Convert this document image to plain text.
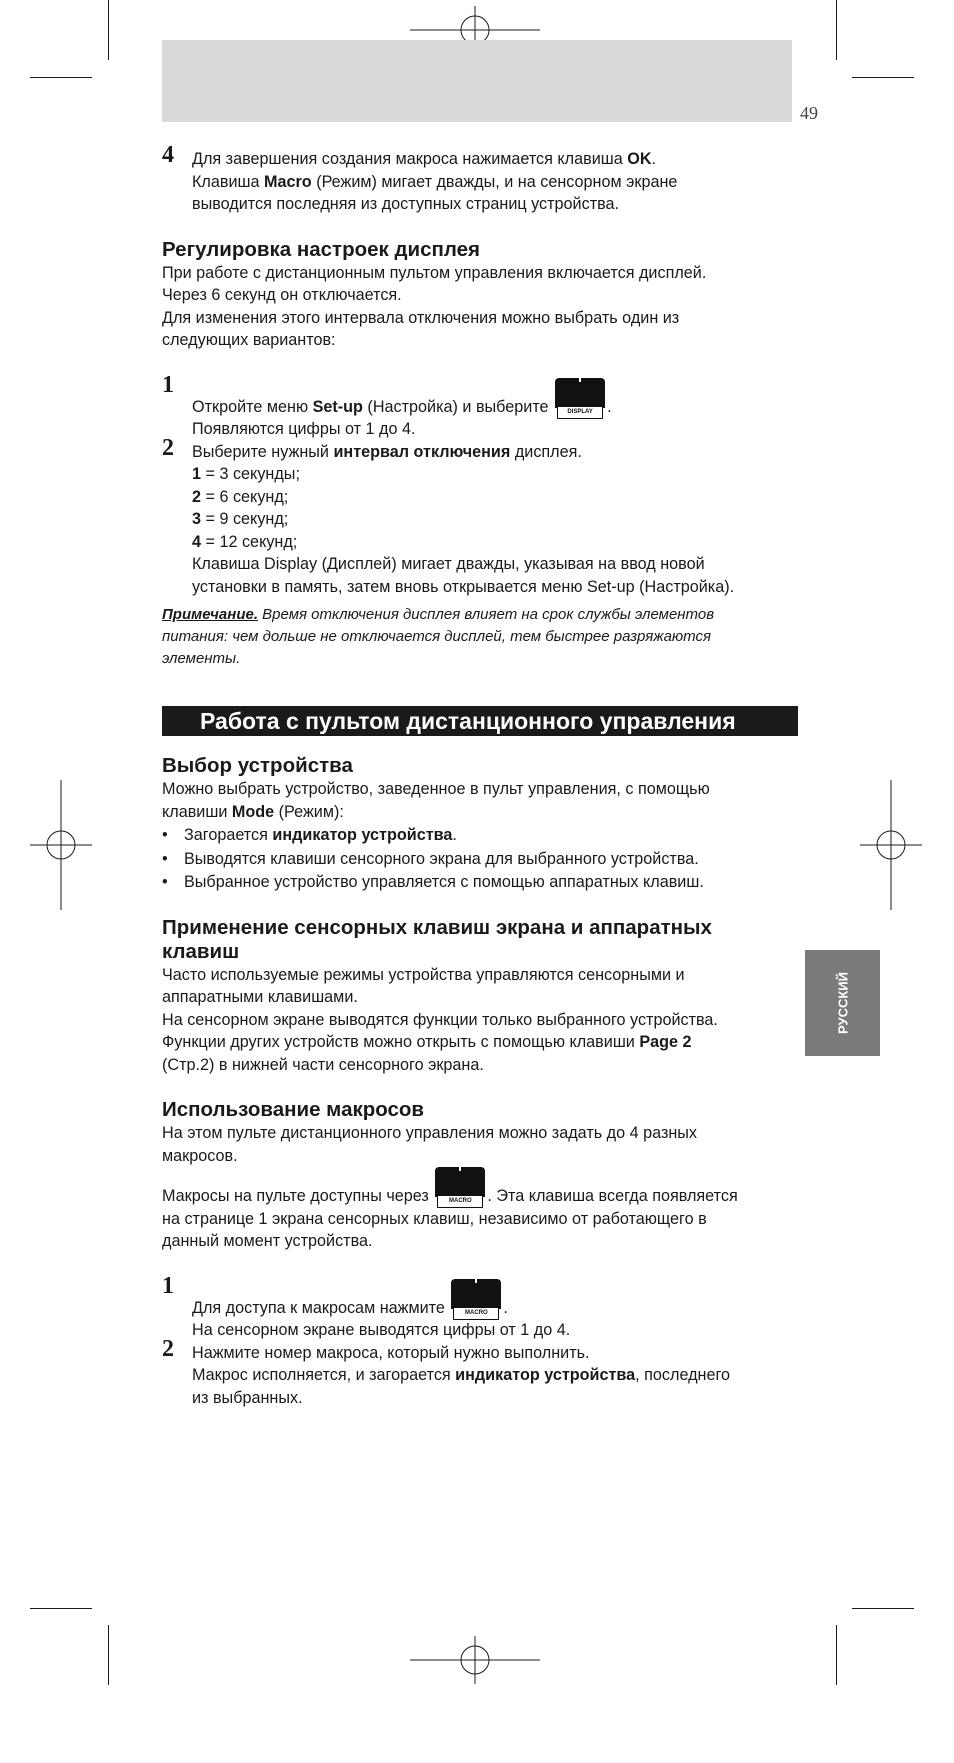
49
РУССКИЙ
4 Для завершения создания макроса нажимается клавиша OK.
Клавиша Macro (Режим) мигает дважды, и на сенсорном экране
выводится последняя из доступных страниц устройства.
Регулировка настроек дисплея

При работе с дистанционным пультом управления включается дисплей.

Через 6 секунд он отключается.

Для изменения этого интервала отключения можно выбрать один из

следующих вариантов:

1
Откройте меню Set-up (Настройка) и выберите	DISPLAY .
Появляются цифры от 1 до 4.
2 Выберите нужный интервал отключения дисплея.
1 = 3 секунды;
2 = 6 секунд;
3 = 9 секунд;
4 = 12 секунд;
Клавиша Display (Дисплей) мигает дважды, указывая на ввод новой
установки в память, затем вновь открывается меню Set-up (Настройка).
Примечание. Время отключения дисплея влияет на срок службы элементов
питания: чем дольше не отключается дисплей, тем быстрее разряжаются
элементы.
Работа с пультом дистанционного управления
Выбор устройства

Можно выбрать устройство, заведенное в пульт управления, с помощью

клавиши Mode (Режим):

• Загорается индикатор устройства.
• Выводятся клавиши сенсорного экрана для выбранного устройства.
• Выбранное устройство управляется с помощью аппаратных клавиш.
Применение сенсорных клавиш экрана и аппаратных
клавиш

Часто используемые режимы устройства управляются сенсорными и

аппаратными клавишами.

На сенсорном экране выводятся функции только выбранного устройства.

Функции других устройств можно открыть с помощью клавиши Page 2

(Стр.2) в нижней части сенсорного экрана.

Использование макросов

На этом пульте дистанционного управления можно задать до 4 разных

макросов.

Макросы на пульте доступны через	MACRO . Эта клавиша всегда появляется

на странице 1 экрана сенсорных клавиш, независимо от работающего в

данный момент устройства.

1
Для доступа к макросам нажмите	MACRO .
На сенсорном экране выводятся цифры от 1 до 4.
2 Нажмите номер макроса, который нужно выполнить.
Макрос исполняется, и загорается индикатор устройства, последнего
из выбранных.
